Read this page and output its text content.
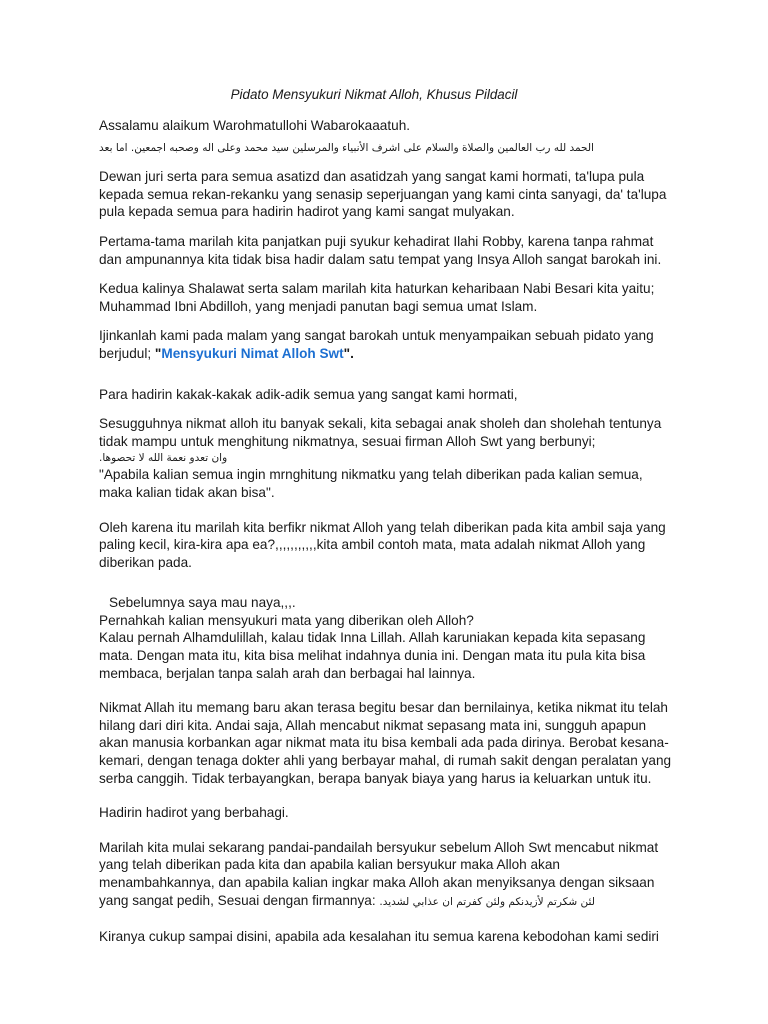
Pidato Mensyukuri Nikmat Alloh, Khusus Pildacil

Assalamu alaikum Warohmatullohi Wabarokaaatuh.

الحمد لله رب العالمين والصلاة والسلام على اشرف الأنبياء والمرسلين سيد محمد وعلى اله وصحبه اجمعين. اما بعد

Dewan juri serta para semua asatizd dan asatidzah yang sangat kami hormati, ta'lupa pula kepada semua rekan-rekanku yang senasip seperjuangan yang kami cinta sanyagi, da' ta'lupa pula kepada semua para hadirin hadirot yang kami sangat mulyakan.

Pertama-tama marilah kita panjatkan puji syukur kehadirat Ilahi Robby, karena tanpa rahmat dan ampunannya kita tidak bisa hadir dalam satu tempat yang Insya Alloh sangat barokah ini.

Kedua kalinya Shalawat serta salam marilah kita haturkan keharibaan Nabi Besari kita yaitu; Muhammad Ibni Abdilloh, yang menjadi panutan bagi semua umat Islam.

Ijinkanlah kami pada malam yang sangat barokah untuk menyampaikan sebuah pidato yang berjudul; "Mensyukuri Nimat Alloh Swt".

Para hadirin kakak-kakak adik-adik semua yang sangat kami hormati,

Sesugguhnya nikmat alloh itu banyak sekali, kita sebagai anak sholeh dan sholehah tentunya tidak mampu untuk menghitung nikmatnya, sesuai firman Alloh Swt yang berbunyi;

وان تعدو نعمة الله لا تحصوها.

"Apabila kalian semua ingin mrnghitung nikmatku yang telah diberikan pada kalian semua, maka kalian tidak akan bisa".

Oleh karena itu marilah kita berfikr nikmat Alloh yang telah diberikan pada kita ambil saja yang paling kecil, kira-kira apa ea?,,,,,,,,,,,kita ambil contoh mata, mata adalah nikmat Alloh yang diberikan pada.

Sebelumnya saya mau naya,,,.

Pernahkah kalian mensyukuri mata yang diberikan oleh Alloh?

Kalau pernah Alhamdulillah, kalau tidak Inna Lillah. Allah karuniakan kepada kita sepasang mata. Dengan mata itu, kita bisa melihat indahnya dunia ini. Dengan mata itu pula kita bisa membaca, berjalan tanpa salah arah dan berbagai hal lainnya.

Nikmat Allah itu memang baru akan terasa begitu besar dan bernilainya, ketika nikmat itu telah hilang dari diri kita. Andai saja, Allah mencabut nikmat sepasang mata ini, sungguh apapun akan manusia korbankan agar nikmat mata itu bisa kembali ada pada dirinya. Berobat kesana-kemari, dengan tenaga dokter ahli yang berbayar mahal, di rumah sakit dengan peralatan yang serba canggih. Tidak terbayangkan, berapa banyak biaya yang harus ia keluarkan untuk itu.

Hadirin hadirot yang berbahagi.

Marilah kita mulai sekarang pandai-pandailah bersyukur sebelum Alloh Swt mencabut nikmat yang telah diberikan pada kita dan apabila kalian bersyukur maka Alloh akan menambahkannya, dan apabila kalian ingkar maka Alloh akan menyiksanya dengan siksaan yang sangat pedih, Sesuai dengan firmannya: لئن شكرتم لأزيدنكم ولئن كفرتم ان عذابي لشديد.

Kiranya cukup sampai disini, apabila ada kesalahan itu semua karena kebodohan kami sediri
